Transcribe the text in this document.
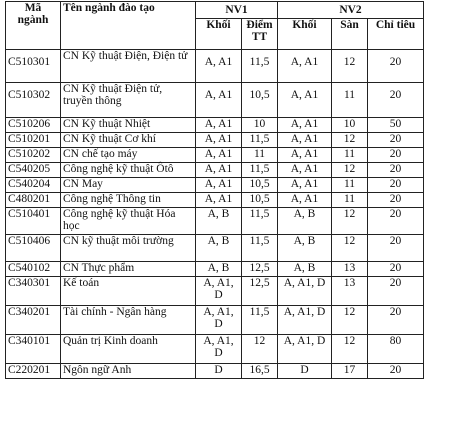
Mã ngành	Tên ngành đào tạo	NV1		NV2		
		Khối	Điểm TT	Khối	Sàn	Chỉ tiêu
C510301	CN Kỹ thuật Điện, Điện tử	A, A1	11,5	A, A1	12	20
C510302	CN Kỹ thuật Điện tử, truyền thông	A, A1	10,5	A, A1	11	20
C510206	CN Kỹ thuật Nhiệt	A, A1	10	A, A1	10	50
C510201	CN Kỹ thuật Cơ khí	A, A1	11,5	A, A1	12	20
C510202	CN chế tạo máy	A, A1	11	A, A1	11	20
C540205	Công nghệ kỹ thuật Ôtô	A, A1	11,5	A, A1	12	20
C540204	CN May	A, A1	10,5	A, A1	11	20
C480201	Công nghệ Thông tin	A, A1	10,5	A, A1	11	20
C510401	Công nghệ kỹ thuật Hóa học	A, B	11,5	A, B	12	20
C510406	CN kỹ thuật môi trường	A, B	11,5	A, B	12	20
C540102	CN Thực phẩm	A, B	12,5	A, B	13	20
C340301	Kế toán	A, A1, D	12,5	A, A1, D	13	20
C340201	Tài chính - Ngân hàng	A, A1, D	11,5	A, A1, D	12	20
C340101	Quản trị Kinh doanh	A, A1, D	12	A, A1, D	12	80
C220201	Ngôn ngữ Anh	D	16,5	D	17	20
